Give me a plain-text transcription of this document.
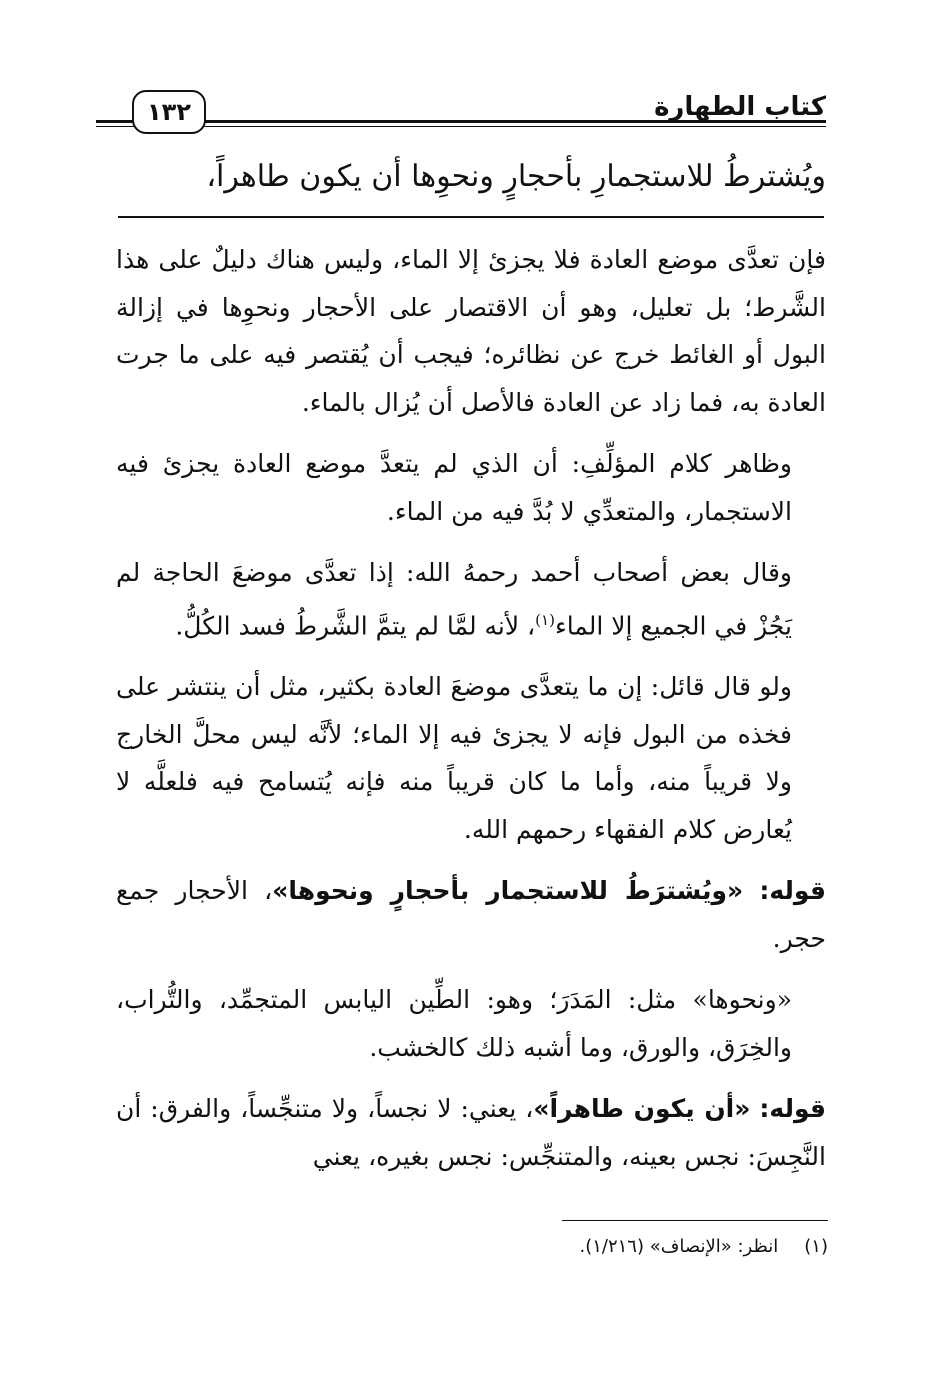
كتاب الطهارة
١٣٢
ويُشترطُ للاستجمارِ بأحجارٍ ونحوِها أن يكون طاهراً،

فإن تعدَّى موضع العادة فلا يجزئ إلا الماء، وليس هناك دليلٌ على هذا الشَّرط؛ بل تعليل، وهو أن الاقتصار على الأحجار ونحوِها في إزالة البول أو الغائط خرج عن نظائره؛ فيجب أن يُقتصر فيه على ما جرت العادة به، فما زاد عن العادة فالأصل أن يُزال بالماء.

وظاهر كلام المؤلِّفِ: أن الذي لم يتعدَّ موضع العادة يجزئ فيه الاستجمار، والمتعدِّي لا بُدَّ فيه من الماء.

وقال بعض أصحاب أحمد رحمهُ الله: إذا تعدَّى موضعَ الحاجة لم يَجُزْ في الجميع إلا الماء$^{(١)}$، لأنه لمَّا لم يتمَّ الشَّرطُ فسد الكُلُّ.

ولو قال قائل: إن ما يتعدَّى موضعَ العادة بكثير، مثل أن ينتشر على فخذه من البول فإنه لا يجزئ فيه إلا الماء؛ لأنَّه ليس محلَّ الخارج ولا قريباً منه، وأما ما كان قريباً منه فإنه يُتسامح فيه فلعلَّه لا يُعارض كلام الفقهاء رحمهم الله.

قوله: «ويُشترَطُ للاستجمار بأحجارٍ ونحوها»، الأحجار جمع حجر.

«ونحوها» مثل: المَدَرَ؛ وهو: الطِّين اليابس المتجمِّد، والتُّراب، والخِرَق، والورق، وما أشبه ذلك كالخشب.

قوله: «أن يكون طاهراً»، يعني: لا نجساً، ولا متنجِّساً، والفرق: أن النَّجِسَ: نجس بعينه، والمتنجِّس: نجس بغيره، يعني

(١)انظر: «الإنصاف» (١/٢١٦).
